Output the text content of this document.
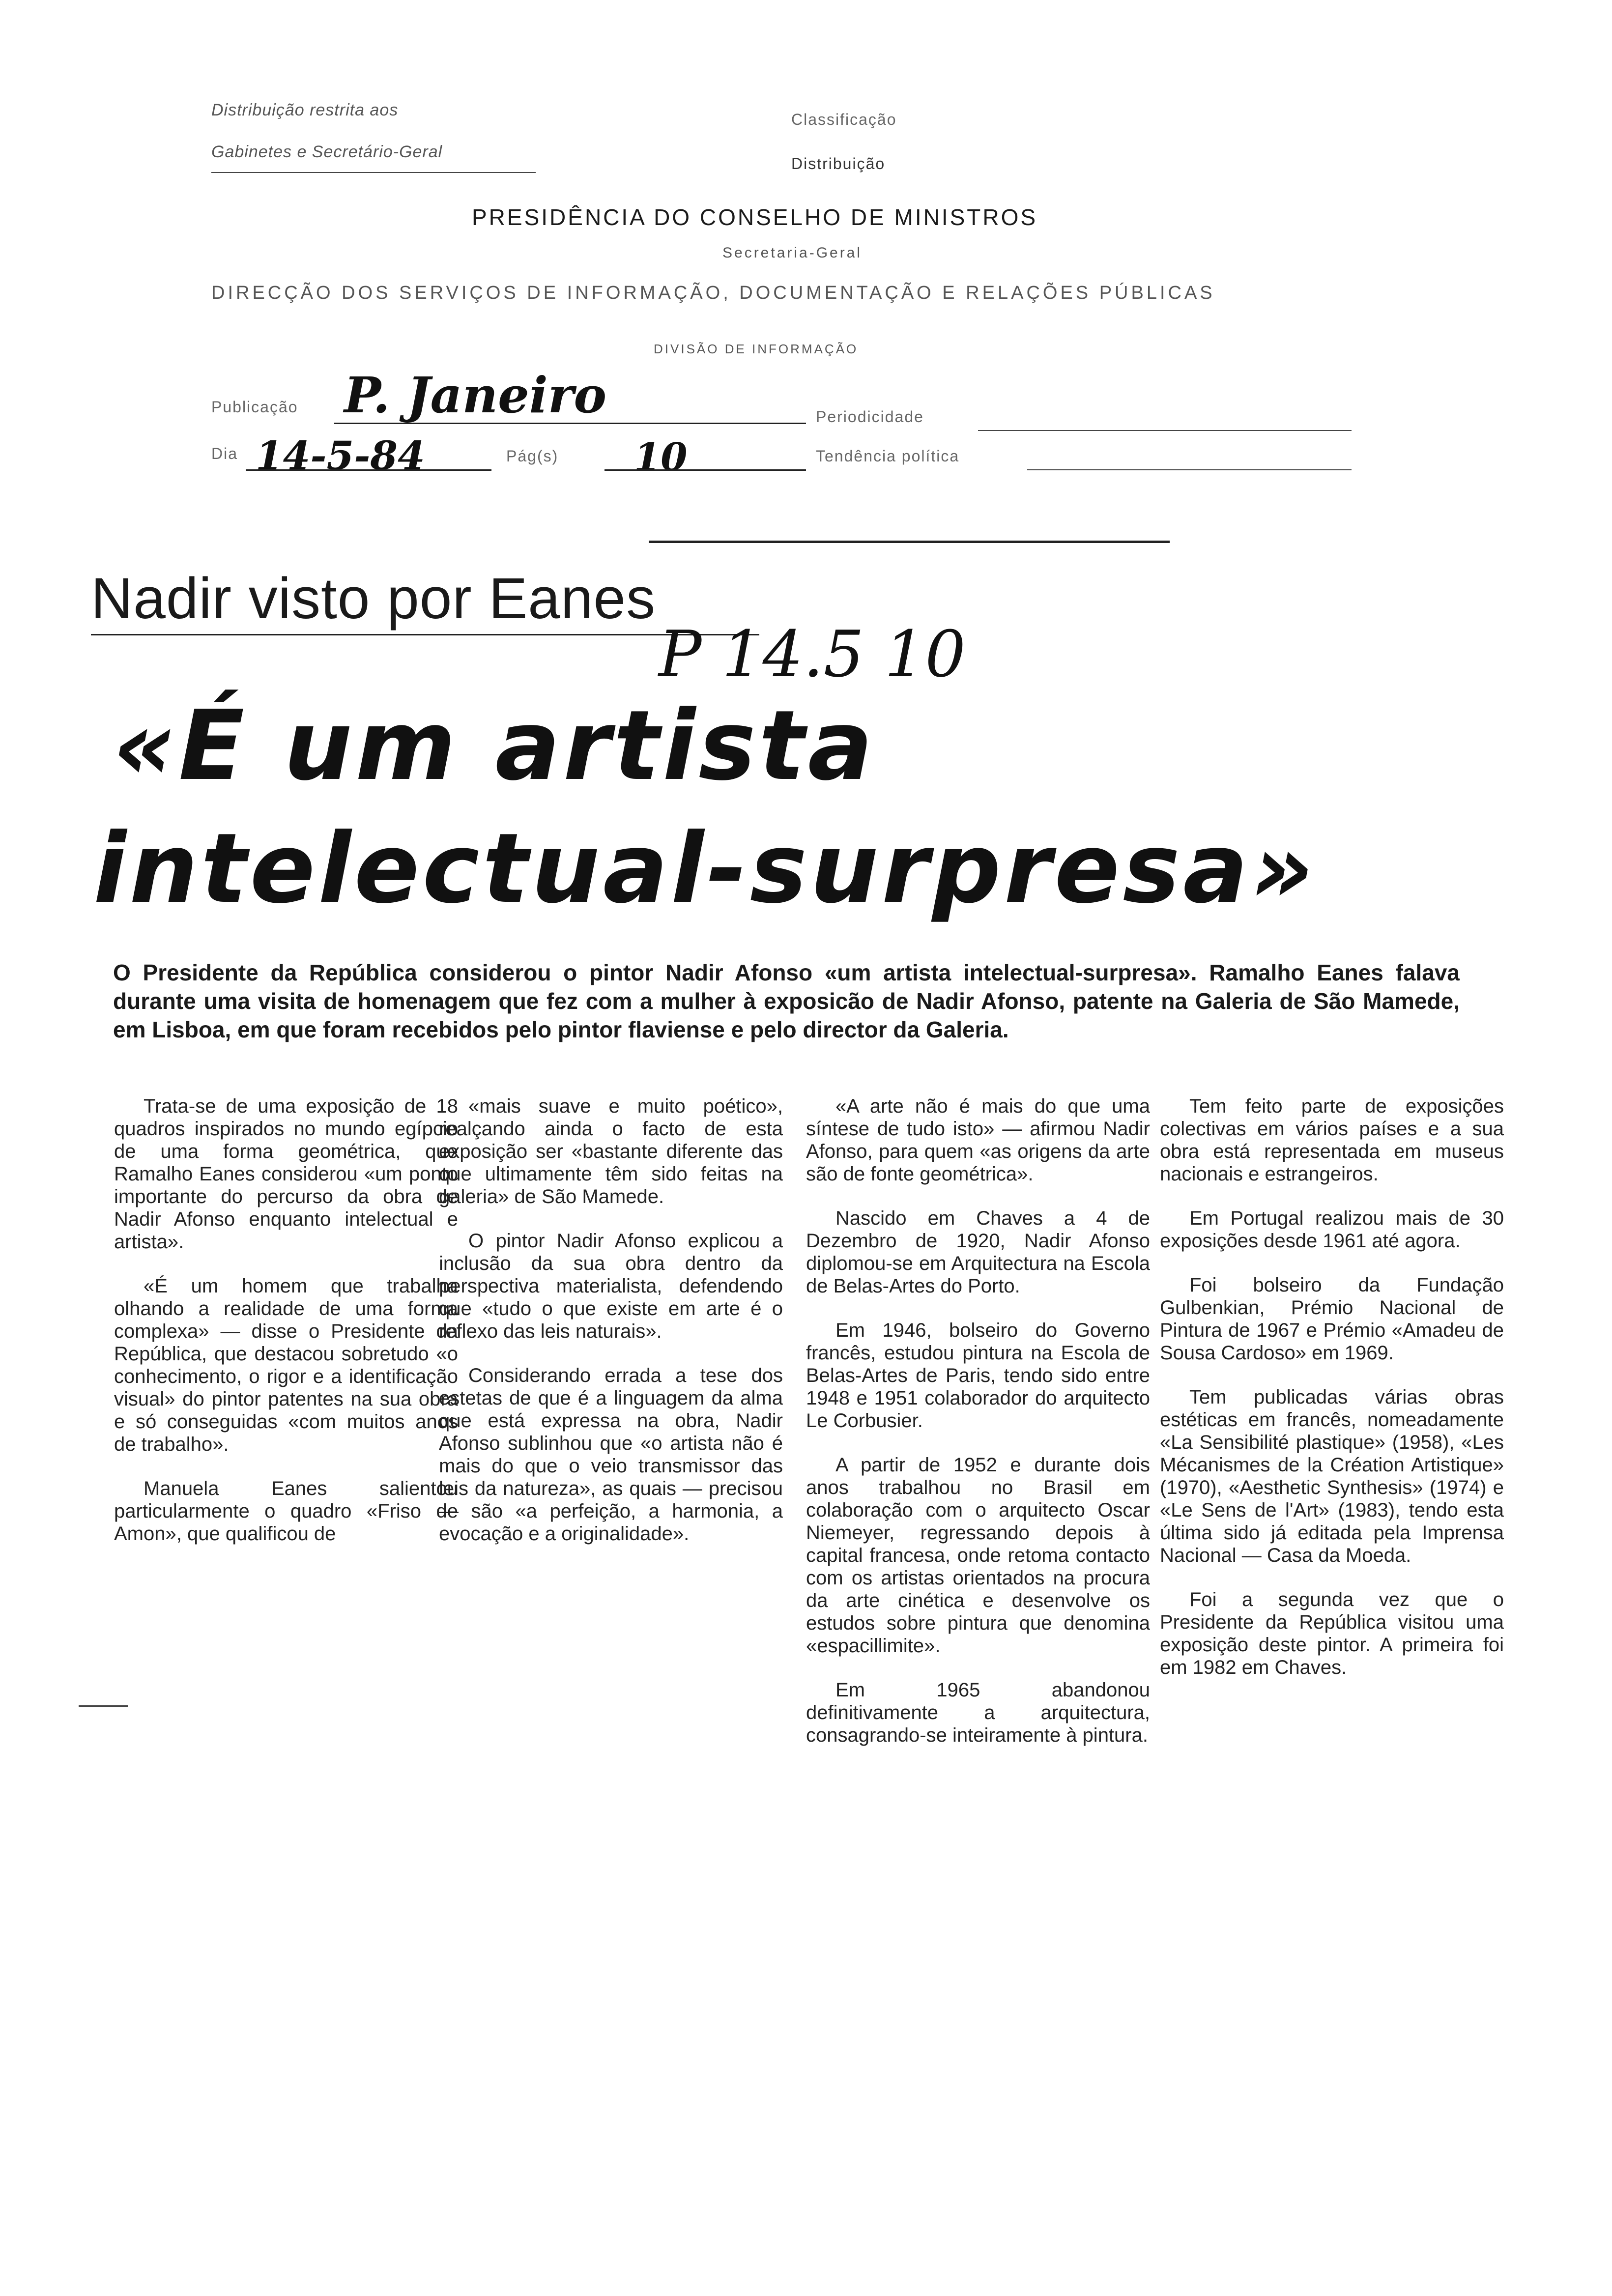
Distribuição restrita aos
Gabinetes e Secretário-Geral
Classificação
Distribuição
PRESIDÊNCIA DO CONSELHO DE MINISTROS
Secretaria-Geral
DIRECÇÃO DOS SERVIÇOS DE INFORMAÇÃO, DOCUMENTAÇÃO E RELAÇÕES PÚBLICAS
DIVISÃO DE INFORMAÇÃO
Publicação P. Janeiro	Periodicidade
Dia 14-5-84	Pág(s) 10	Tendência política
Nadir visto por Eanes
P 14.5 10
«É um artista
intelectual-surpresa»
O Presidente da República considerou o pintor Nadir Afonso «um artista intelectual-surpresa». Ramalho Eanes falava durante uma visita de homenagem que fez com a mulher à exposicão de Nadir Afonso, patente na Galeria de São Mamede, em Lisboa, em que foram recebidos pelo pintor flaviense e pelo director da Galeria.

Trata-se de uma exposição de 18 quadros inspirados no mundo egípcio de uma forma geométrica, que Ramalho Eanes considerou «um ponto importante do percurso da obra de Nadir Afonso enquanto intelectual e artista».

«É um homem que trabalha olhando a realidade de uma forma complexa» — disse o Presidente da República, que destacou sobretudo «o conhecimento, o rigor e a identificação visual» do pintor patentes na sua obra e só conseguidas «com muitos anos de trabalho».

Manuela Eanes salientou particularmente o quadro «Friso de Amon», que qualificou de

«mais suave e muito poético», realçando ainda o facto de esta exposição ser «bastante diferente das que ultimamente têm sido feitas na galeria» de São Mamede.

O pintor Nadir Afonso explicou a inclusão da sua obra dentro da perspectiva materialista, defendendo que «tudo o que existe em arte é o reflexo das leis naturais».

Considerando errada a tese dos estetas de que é a linguagem da alma que está expressa na obra, Nadir Afonso sublinhou que «o artista não é mais do que o veio transmissor das leis da natureza», as quais — precisou — são «a perfeição, a harmonia, a evocação e a originalidade».

«A arte não é mais do que uma síntese de tudo isto» — afirmou Nadir Afonso, para quem «as origens da arte são de fonte geométrica».

Nascido em Chaves a 4 de Dezembro de 1920, Nadir Afonso diplomou-se em Arquitectura na Escola de Belas-Artes do Porto.

Em 1946, bolseiro do Governo francês, estudou pintura na Escola de Belas-Artes de Paris, tendo sido entre 1948 e 1951 colaborador do arquitecto Le Corbusier.

A partir de 1952 e durante dois anos trabalhou no Brasil em colaboração com o arquitecto Oscar Niemeyer, regressando depois à capital francesa, onde retoma contacto com os artistas orientados na procura da arte cinética e desenvolve os estudos sobre pintura que denomina «espacillimite».

Em 1965 abandonou definitivamente a arquitectura, consagrando-se inteiramente à pintura.

Tem feito parte de exposições colectivas em vários países e a sua obra está representada em museus nacionais e estrangeiros.

Em Portugal realizou mais de 30 exposições desde 1961 até agora.

Foi bolseiro da Fundação Gulbenkian, Prémio Nacional de Pintura de 1967 e Prémio «Amadeu de Sousa Cardoso» em 1969.

Tem publicadas várias obras estéticas em francês, nomeadamente «La Sensibilité plastique» (1958), «Les Mécanismes de la Création Artistique» (1970), «Aesthetic Synthesis» (1974) e «Le Sens de l'Art» (1983), tendo esta última sido já editada pela Imprensa Nacional — Casa da Moeda.

Foi a segunda vez que o Presidente da República visitou uma exposição deste pintor. A primeira foi em 1982 em Chaves.
